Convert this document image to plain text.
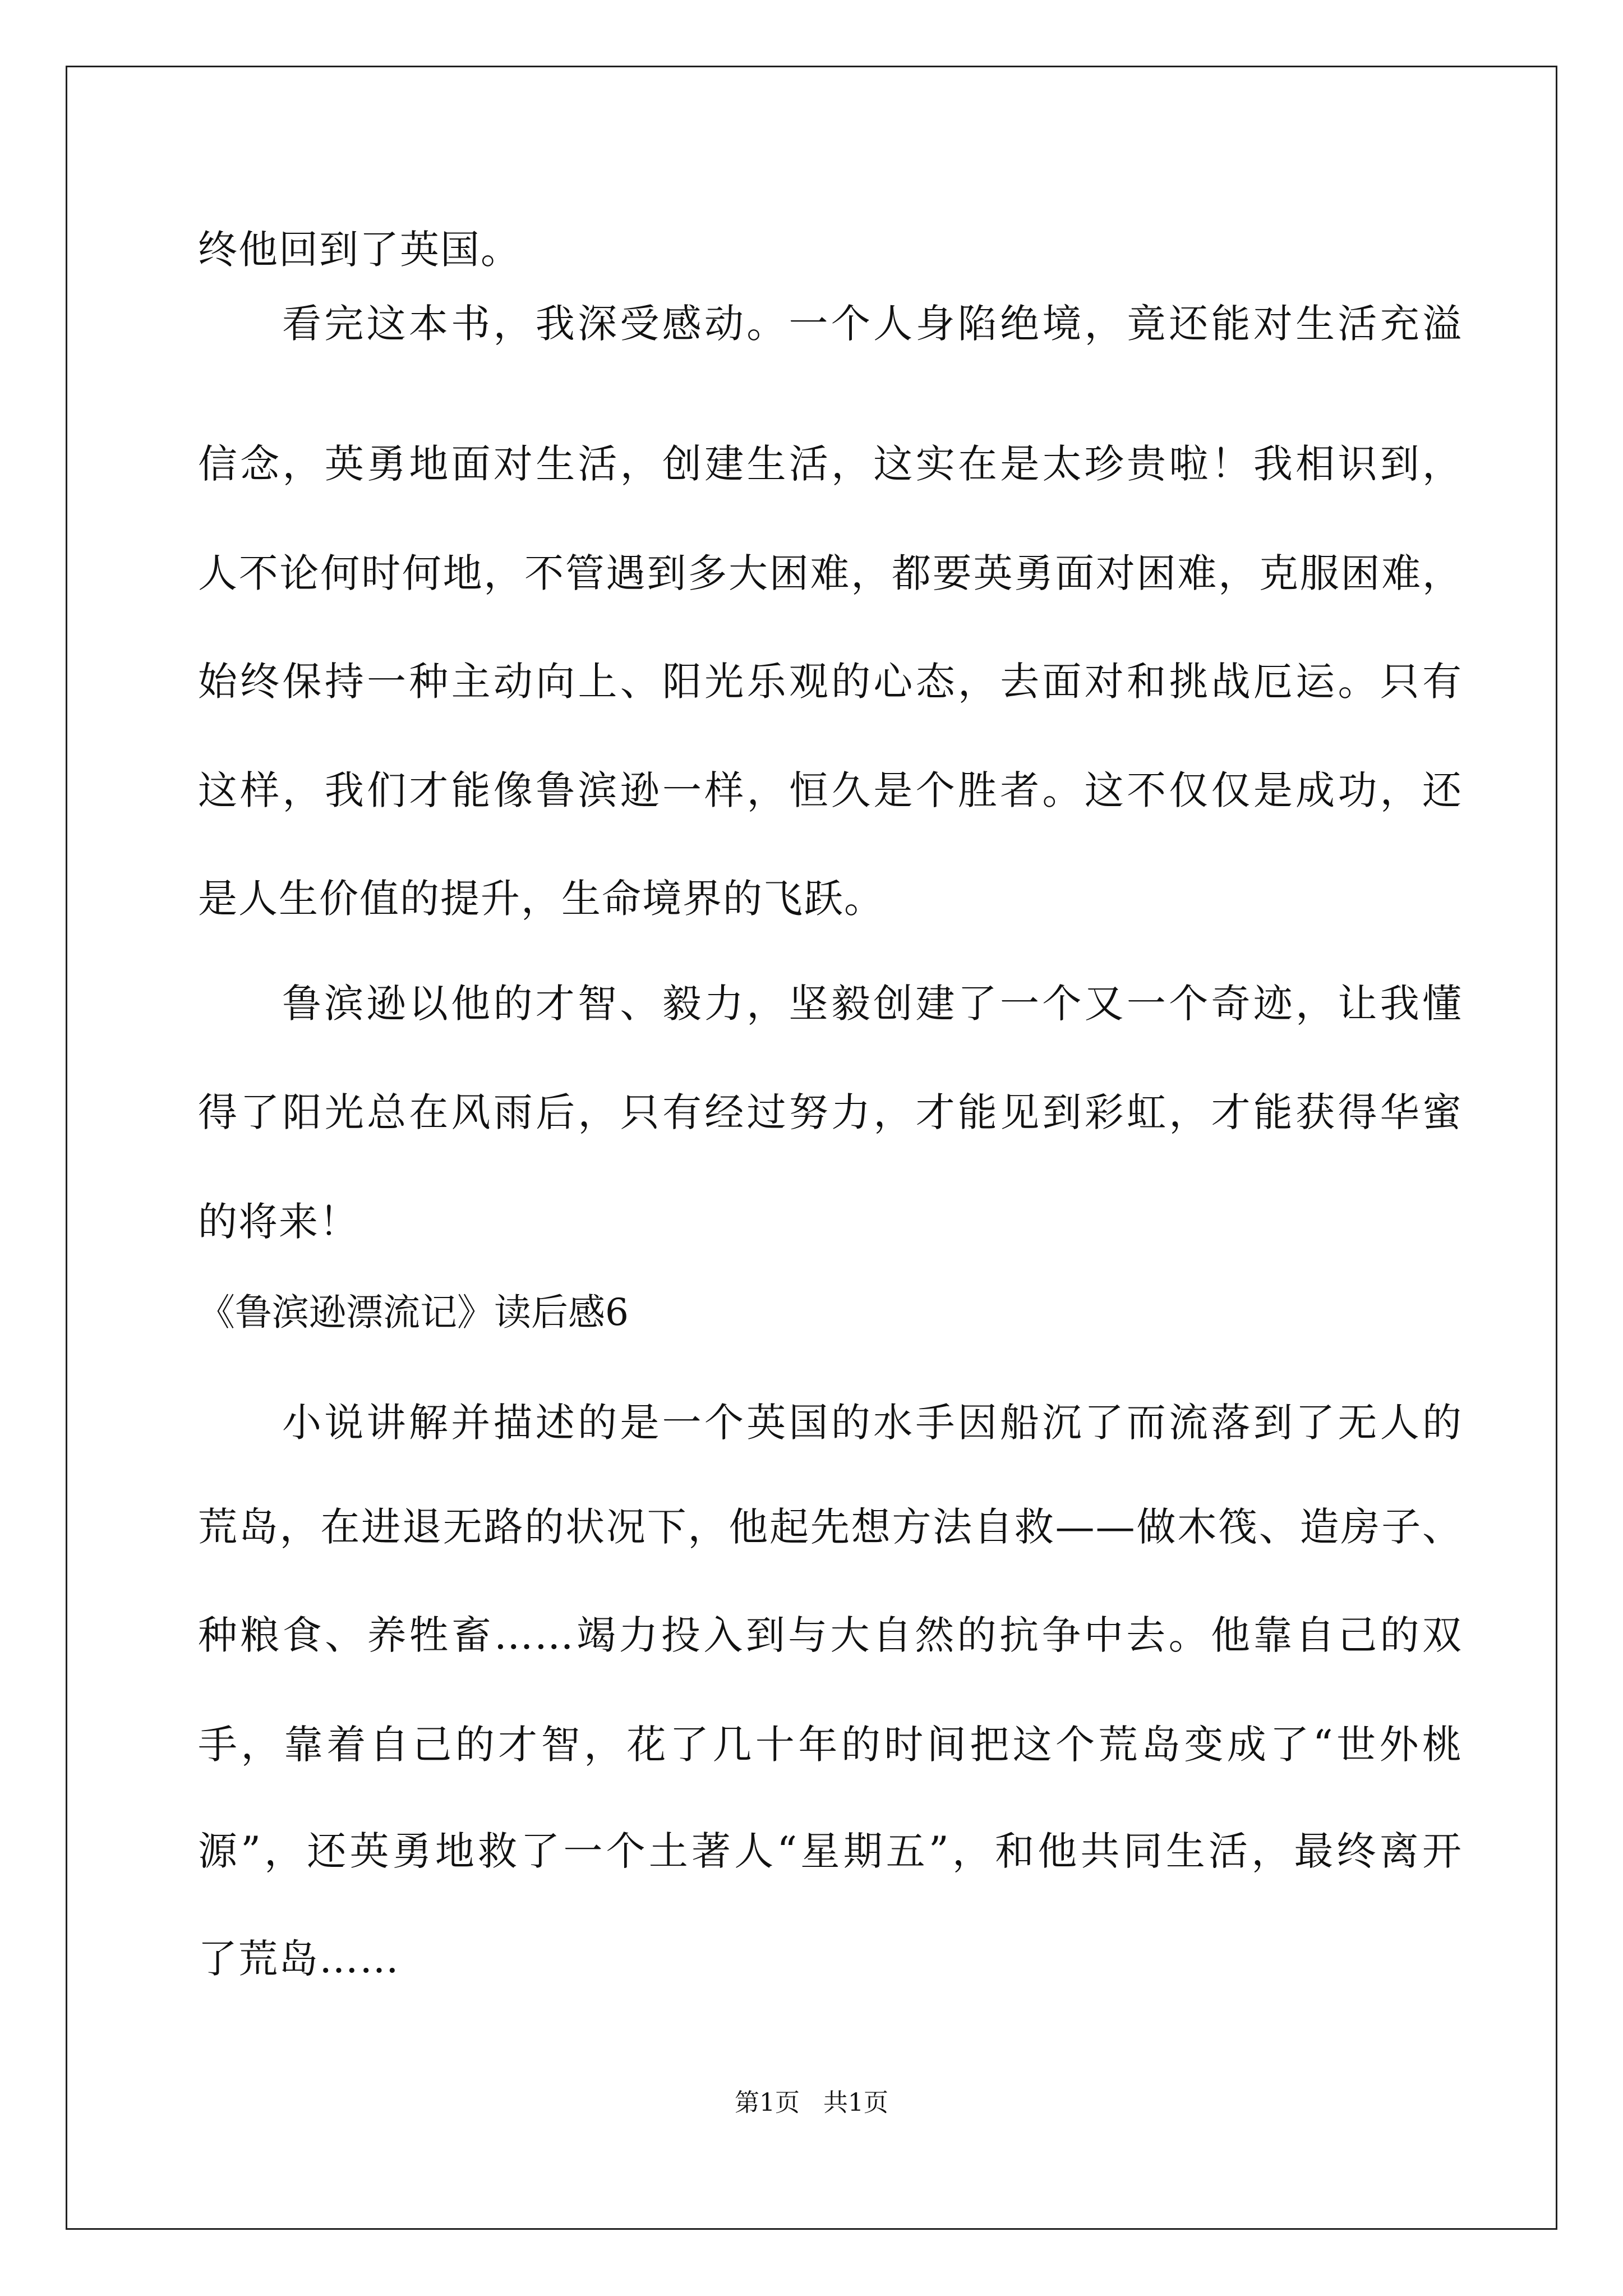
终他回到了英国。
看完这本书，我深受感动。一个人身陷绝境，竟还能对生活充溢
信念，英勇地面对生活，创建生活，这实在是太珍贵啦！我相识到，
人不论何时何地，不管遇到多大困难，都要英勇面对困难，克服困难，
始终保持一种主动向上、阳光乐观的心态，去面对和挑战厄运。只有
这样，我们才能像鲁滨逊一样，恒久是个胜者。这不仅仅是成功，还
是人生价值的提升，生命境界的飞跃。
鲁滨逊以他的才智、毅力，坚毅创建了一个又一个奇迹，让我懂
得了阳光总在风雨后，只有经过努力，才能见到彩虹，才能获得华蜜
的将来！
《鲁滨逊漂流记》读后感6
小说讲解并描述的是一个英国的水手因船沉了而流落到了无人的
荒岛，在进退无路的状况下，他起先想方法自救——做木筏、造房子、
种粮食、养牲畜……竭力投入到与大自然的抗争中去。他靠自己的双
手，靠着自己的才智，花了几十年的时间把这个荒岛变成了“世外桃
源”，还英勇地救了一个土著人“星期五”，和他共同生活，最终离开
了荒岛……
第1页   共1页
